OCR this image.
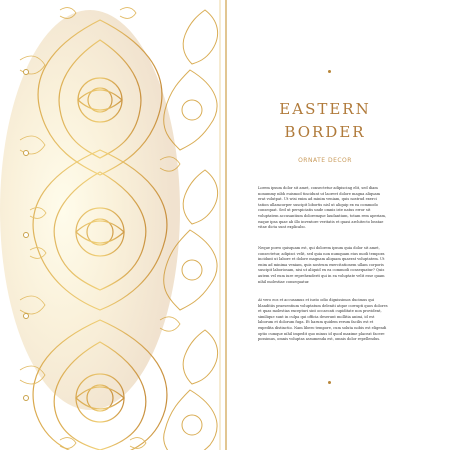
EASTERN
BORDER
ORNATE DECOR
Lorem ipsum dolor sit amet, consectetur adipiscing elit, sed diam nonummy nibh euismod tincidunt ut laoreet dolore magna aliquam erat volutpat. Ut wisi enim ad minim veniam, quis nostrud exerci tation ullamcorper suscipit lobortis nisl ut aliquip ex ea commodo consequat. Sed ut perspiciatis unde omnis iste natus error sit voluptatem accusantium doloremque laudantium, totam rem aperiam, eaque ipsa quae ab illo inventore veritatis et quasi architecto beatae vitae dicta sunt explicabo.
Neque porro quisquam est, qui dolorem ipsum quia dolor sit amet, consectetur, adipisci velit, sed quia non numquam eius modi tempora incidunt ut labore et dolore magnam aliquam quaerat voluptatem. Ut enim ad minima veniam, quis nostrum exercitationem ullam corporis suscipit laboriosam, nisi ut aliquid ex ea commodi consequatur? Quis autem vel eum iure reprehenderit qui in ea voluptate velit esse quam nihil molestiae consequatur.
At vero eos et accusamus et iusto odio dignissimos ducimus qui blanditiis praesentium voluptatum deleniti atque corrupti quos dolores et quas molestias excepturi sint occaecati cupiditate non provident, similique sunt in culpa qui officia deserunt mollitia animi, id est laborum et dolorum fuga. Et harum quidem rerum facilis est et expedita distinctio. Nam libero tempore, cum soluta nobis est eligendi optio cumque nihil impedit quo minus id quod maxime placeat facere possimus, omnis voluptas assumenda est, omnis dolor repellendus.
